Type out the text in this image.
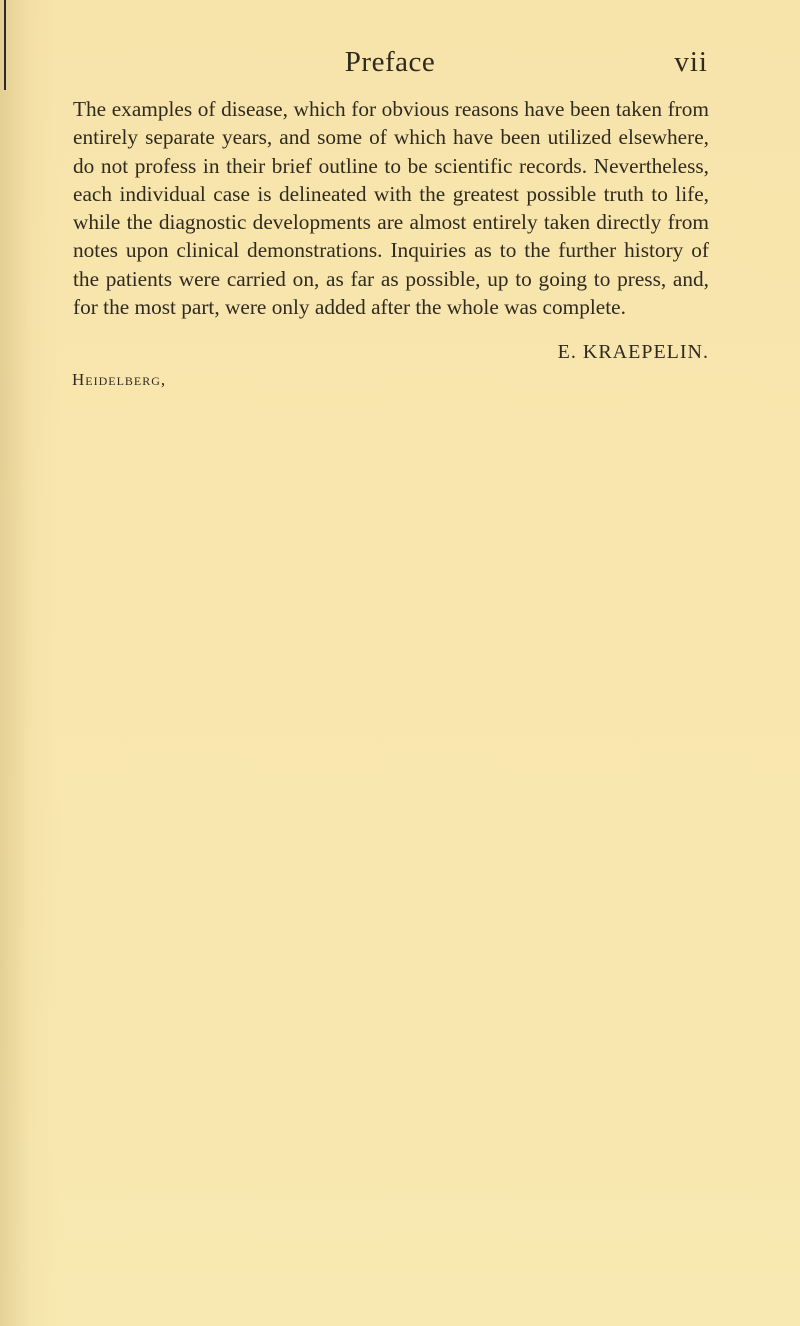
Preface	vii

The examples of disease, which for obvious reasons have been taken from entirely separate years, and some of which have been utilized elsewhere, do not profess in their brief outline to be scientific records. Nevertheless, each individual case is delineated with the greatest possible truth to life, while the diagnostic developments are almost entirely taken directly from notes upon clinical demonstrations. Inquiries as to the further history of the patients were carried on, as far as possible, up to going to press, and, for the most part, were only added after the whole was complete.

E. KRAEPELIN.
Heidelberg,
